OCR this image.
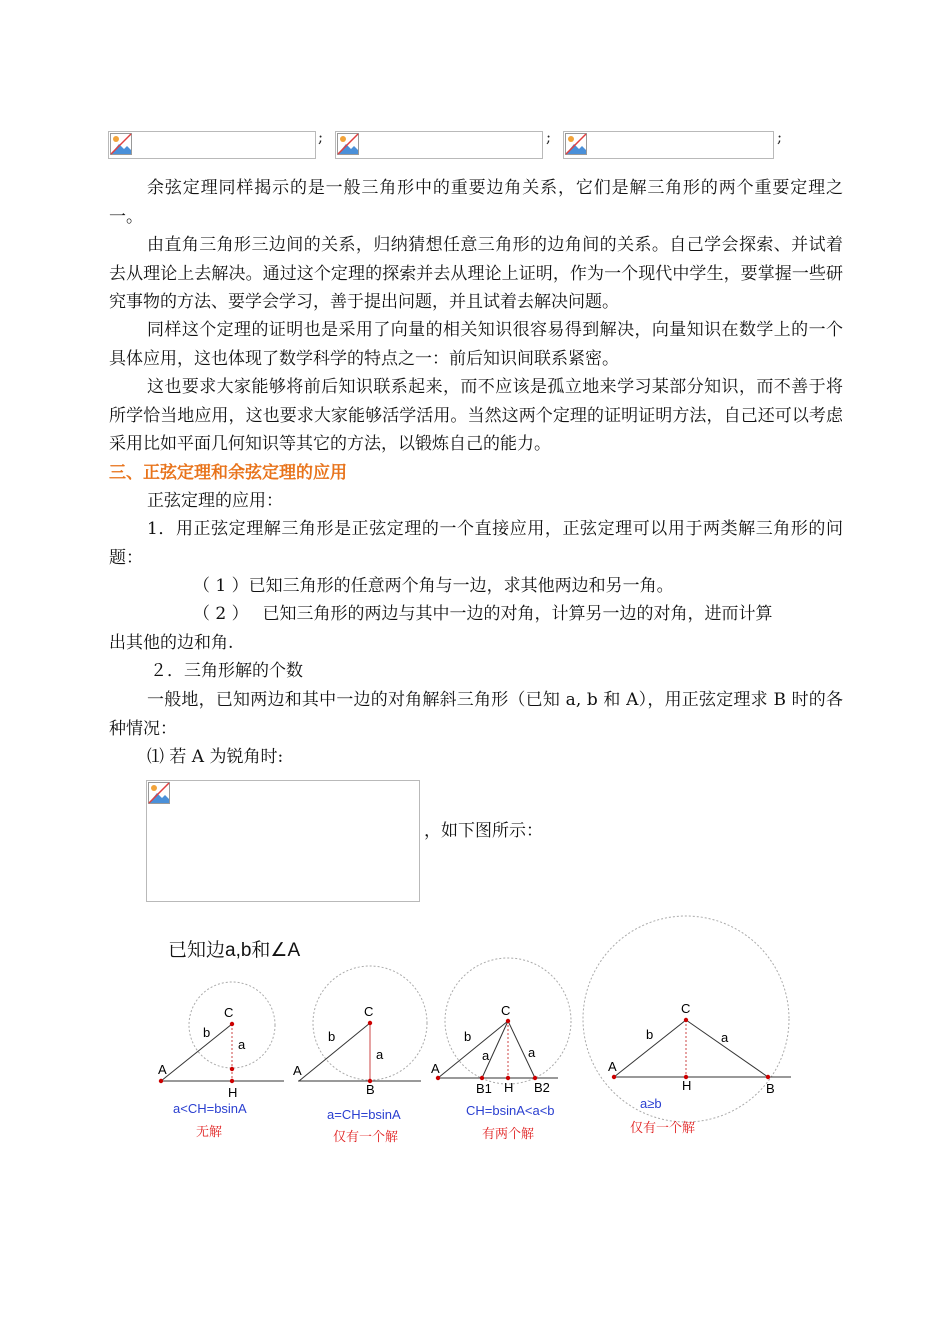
;	;	;

余弦定理同样揭示的是一般三角形中的重要边角关系，它们是解三角形的两个重要定理之一。

由直角三角形三边间的关系，归纳猜想任意三角形的边角间的关系。自己学会探索、并试着去从理论上去解决。通过这个定理的探索并去从理论上证明，作为一个现代中学生，要掌握一些研究事物的方法、要学会学习，善于提出问题，并且试着去解决问题。

同样这个定理的证明也是采用了向量的相关知识很容易得到解决，向量知识在数学上的一个具体应用，这也体现了数学科学的特点之一：前后知识间联系紧密。

这也要求大家能够将前后知识联系起来，而不应该是孤立地来学习某部分知识，而不善于将所学恰当地应用，这也要求大家能够活学活用。当然这两个定理的证明证明方法，自己还可以考虑采用比如平面几何知识等其它的方法，以锻炼自己的能力。

三、正弦定理和余弦定理的应用
正弦定理的应用：

1．用正弦定理解三角形是正弦定理的一个直接应用，正弦定理可以用于两类解三角形的问题：

（ 1 ）已知三角形的任意两个角与一边，求其他两边和另一角。
（ 2 ）　 已知三角形的两边与其中一边的对角，计算另一边的对角，进而计算
出其他的边和角.
２．三角形解的个数

一般地，已知两边和其中一边的对角解斜三角形（已知 a, b 和 A），用正弦定理求 B 时的各种情况：

⑴ 若 A 为锐角时:
，如下图所示：
已知边a,b和∠A
A
C
H
b
a
a<CH=bsinA
无解
A
C
B
b
a
a=CH=bsinA
仅有一个解
A
C
B1 H B2
b
a	a
CH=bsinA<a<b
有两个解
A
C
H	B
b	a
a≥b
仅有一个解
